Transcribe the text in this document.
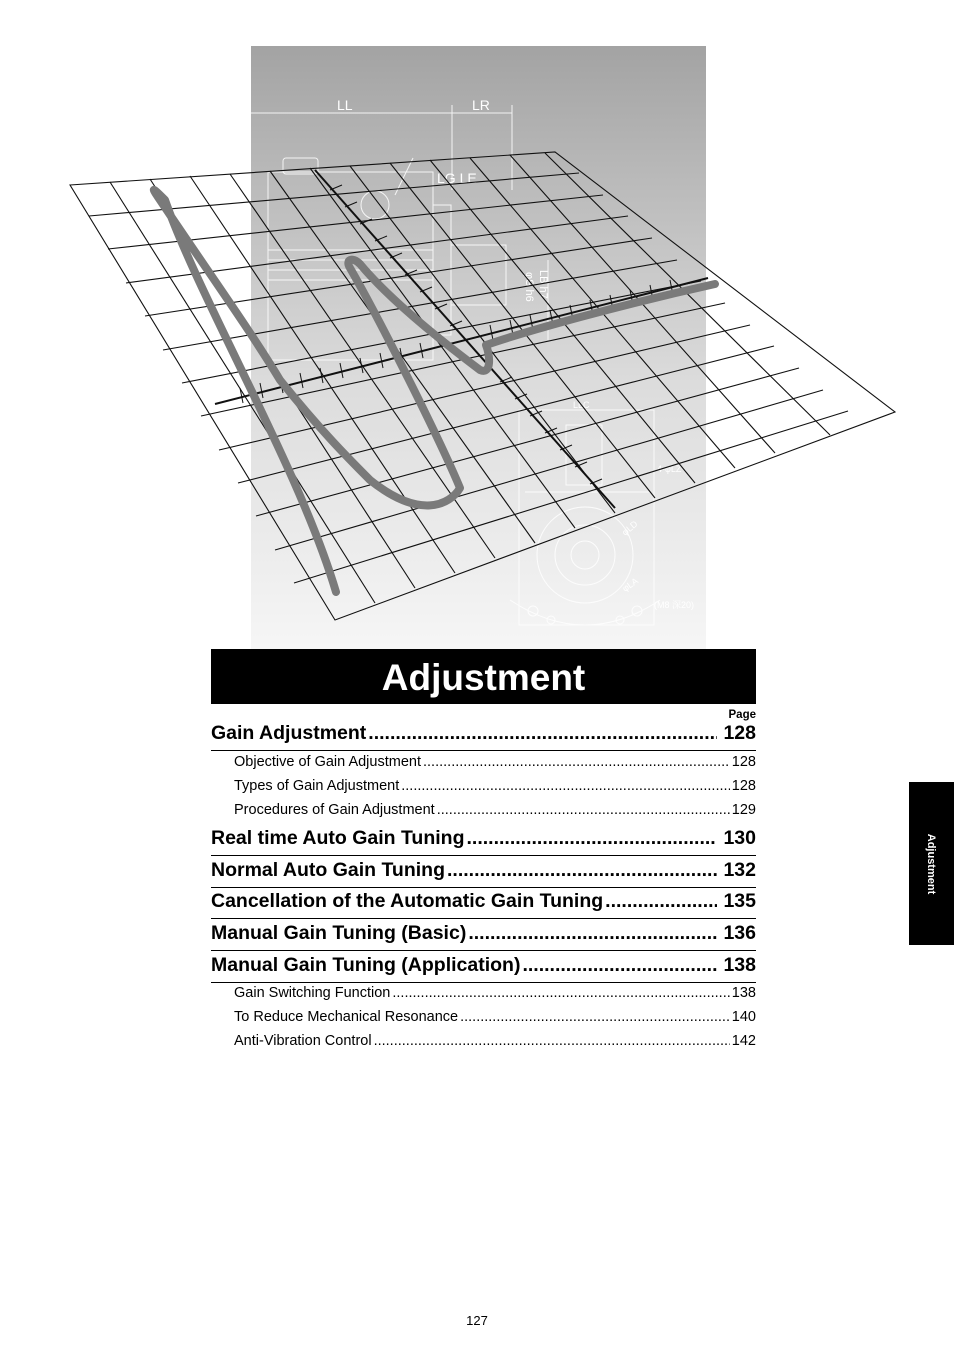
LL	LR
LG LE
LB h7
φS h6
LLC
4-φLZ
φLD
φLA
(M8 深20)
Adjustment
Page
Gain Adjustment .....	128
Objective of Gain Adjustment .....	128
Types of Gain Adjustment .....	128
Procedures of Gain Adjustment .....	129
Real time Auto Gain Tuning .....	130
Normal Auto Gain Tuning .....	132
Cancellation of the Automatic Gain Tuning .....	135
Manual Gain Tuning (Basic) .....	136
Manual Gain Tuning (Application) .....	138
Gain Switching Function .....	138
To Reduce Mechanical Resonance .....	140
Anti-Vibration Control .....	142
Adjustment
127
